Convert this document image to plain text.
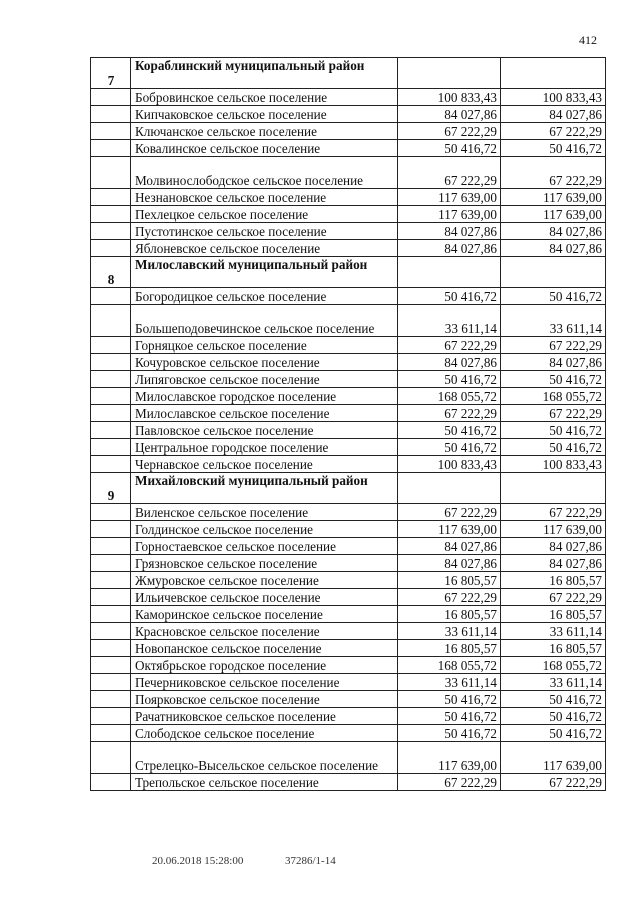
412
7	Кораблинский муниципальный район		
	Бобровинское сельское поселение	100 833,43	100 833,43
	Кипчаковское сельское поселение	84 027,86	84 027,86
	Ключанское сельское поселение	67 222,29	67 222,29
	Ковалинское сельское поселение	50 416,72	50 416,72
	Молвинослободское сельское поселение	67 222,29	67 222,29
	Незнановское сельское поселение	117 639,00	117 639,00
	Пехлецкое сельское поселение	117 639,00	117 639,00
	Пустотинское сельское поселение	84 027,86	84 027,86
	Яблоневское сельское поселение	84 027,86	84 027,86
8	Милославский муниципальный район		
	Богородицкое сельское поселение	50 416,72	50 416,72
	Большеподовечинское сельское поселение	33 611,14	33 611,14
	Горняцкое сельское поселение	67 222,29	67 222,29
	Кочуровское сельское поселение	84 027,86	84 027,86
	Липяговское сельское поселение	50 416,72	50 416,72
	Милославское городское поселение	168 055,72	168 055,72
	Милославское сельское поселение	67 222,29	67 222,29
	Павловское сельское поселение	50 416,72	50 416,72
	Центральное городское поселение	50 416,72	50 416,72
	Чернавское сельское поселение	100 833,43	100 833,43
9	Михайловский муниципальный район		
	Виленское сельское поселение	67 222,29	67 222,29
	Голдинское сельское поселение	117 639,00	117 639,00
	Горностаевское сельское поселение	84 027,86	84 027,86
	Грязновское сельское поселение	84 027,86	84 027,86
	Жмуровское сельское поселение	16 805,57	16 805,57
	Ильичевское сельское поселение	67 222,29	67 222,29
	Каморинское сельское поселение	16 805,57	16 805,57
	Красновское сельское поселение	33 611,14	33 611,14
	Новопанское сельское поселение	16 805,57	16 805,57
	Октябрьское городское поселение	168 055,72	168 055,72
	Печерниковское сельское поселение	33 611,14	33 611,14
	Поярковское сельское поселение	50 416,72	50 416,72
	Рачатниковское сельское поселение	50 416,72	50 416,72
	Слободское сельское поселение	50 416,72	50 416,72
	Стрелецко-Высельское сельское поселение	117 639,00	117 639,00
	Трепольское сельское поселение	67 222,29	67 222,29
20.06.2018 15:28:00	37286/1-14
